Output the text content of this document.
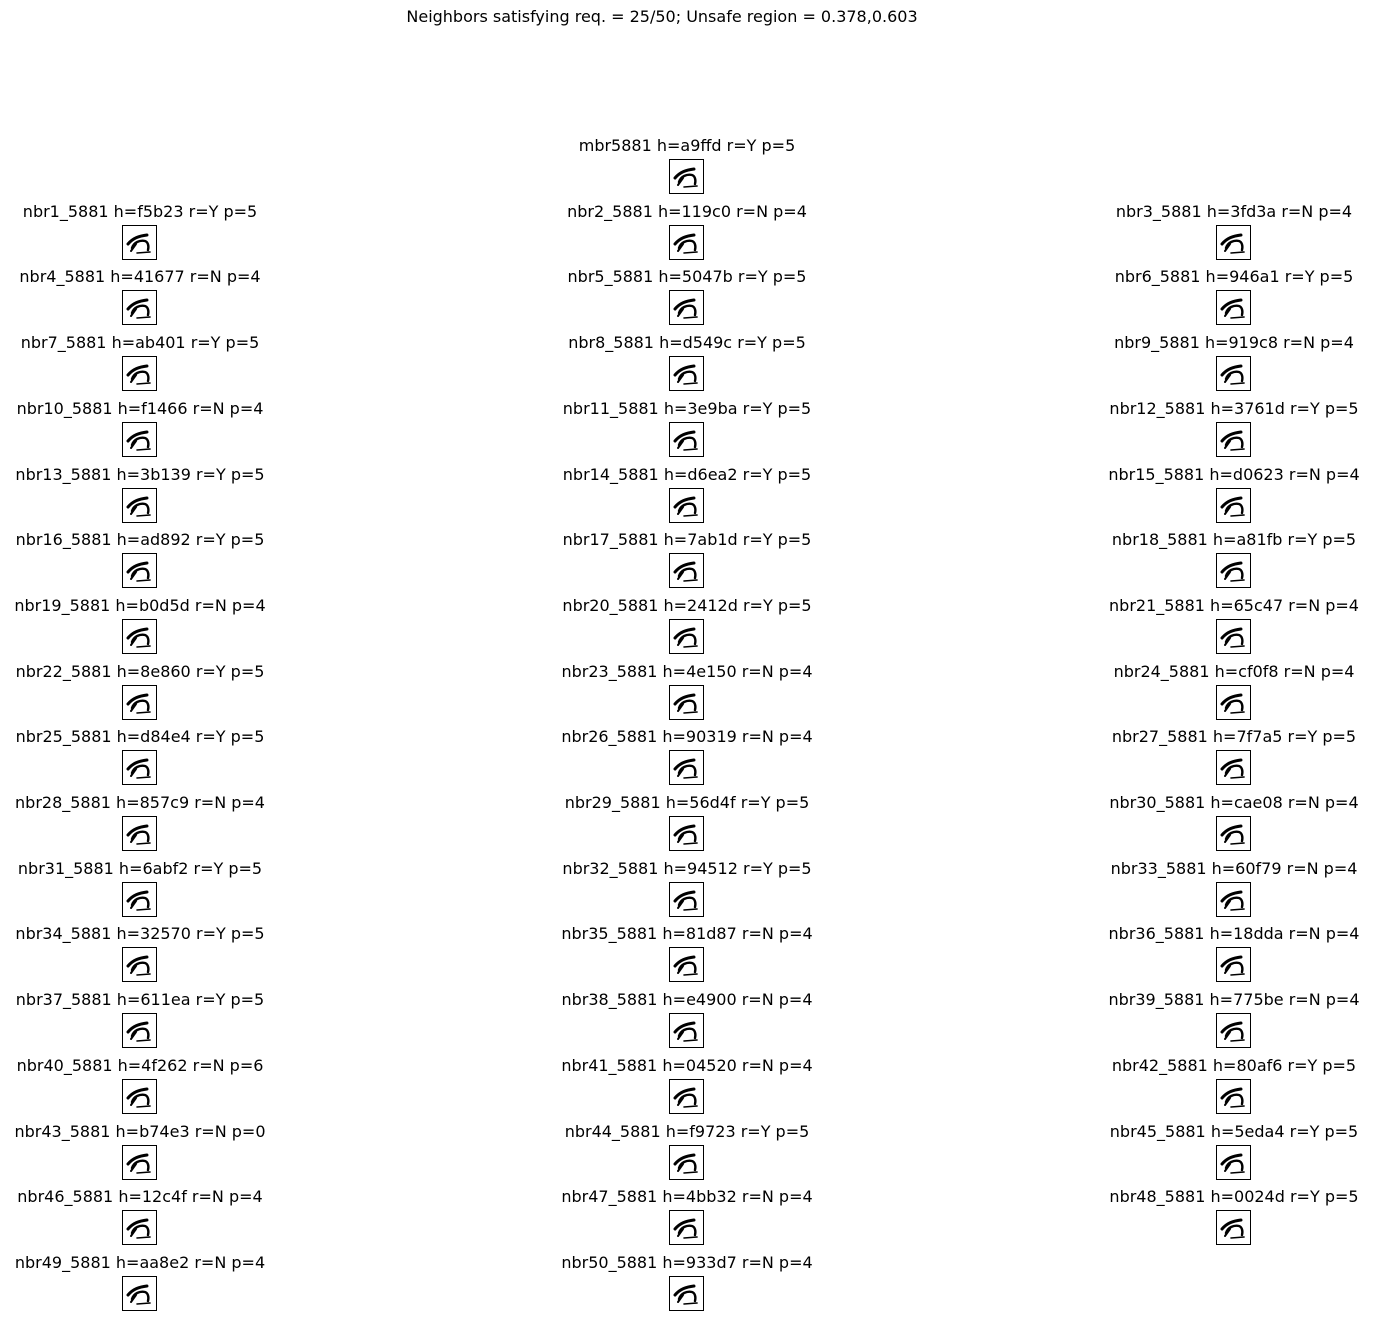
Neighbors satisfying req. = 25/50; Unsafe region = 0.378,0.603
mbr5881 h=a9ffd r=Y p=5
nbr1_5881 h=f5b23 r=Y p=5	nbr2_5881 h=119c0 r=N p=4	nbr3_5881 h=3fd3a r=N p=4
nbr4_5881 h=41677 r=N p=4	nbr5_5881 h=5047b r=Y p=5	nbr6_5881 h=946a1 r=Y p=5
nbr7_5881 h=ab401 r=Y p=5	nbr8_5881 h=d549c r=Y p=5	nbr9_5881 h=919c8 r=N p=4
nbr10_5881 h=f1466 r=N p=4	nbr11_5881 h=3e9ba r=Y p=5	nbr12_5881 h=3761d r=Y p=5
nbr13_5881 h=3b139 r=Y p=5	nbr14_5881 h=d6ea2 r=Y p=5	nbr15_5881 h=d0623 r=N p=4
nbr16_5881 h=ad892 r=Y p=5	nbr17_5881 h=7ab1d r=Y p=5	nbr18_5881 h=a81fb r=Y p=5
nbr19_5881 h=b0d5d r=N p=4	nbr20_5881 h=2412d r=Y p=5	nbr21_5881 h=65c47 r=N p=4
nbr22_5881 h=8e860 r=Y p=5	nbr23_5881 h=4e150 r=N p=4	nbr24_5881 h=cf0f8 r=N p=4
nbr25_5881 h=d84e4 r=Y p=5	nbr26_5881 h=90319 r=N p=4	nbr27_5881 h=7f7a5 r=Y p=5
nbr28_5881 h=857c9 r=N p=4	nbr29_5881 h=56d4f r=Y p=5	nbr30_5881 h=cae08 r=N p=4
nbr31_5881 h=6abf2 r=Y p=5	nbr32_5881 h=94512 r=Y p=5	nbr33_5881 h=60f79 r=N p=4
nbr34_5881 h=32570 r=Y p=5	nbr35_5881 h=81d87 r=N p=4	nbr36_5881 h=18dda r=N p=4
nbr37_5881 h=611ea r=Y p=5	nbr38_5881 h=e4900 r=N p=4	nbr39_5881 h=775be r=N p=4
nbr40_5881 h=4f262 r=N p=6	nbr41_5881 h=04520 r=N p=4	nbr42_5881 h=80af6 r=Y p=5
nbr43_5881 h=b74e3 r=N p=0	nbr44_5881 h=f9723 r=Y p=5	nbr45_5881 h=5eda4 r=Y p=5
nbr46_5881 h=12c4f r=N p=4	nbr47_5881 h=4bb32 r=N p=4	nbr48_5881 h=0024d r=Y p=5
nbr49_5881 h=aa8e2 r=N p=4	nbr50_5881 h=933d7 r=N p=4
